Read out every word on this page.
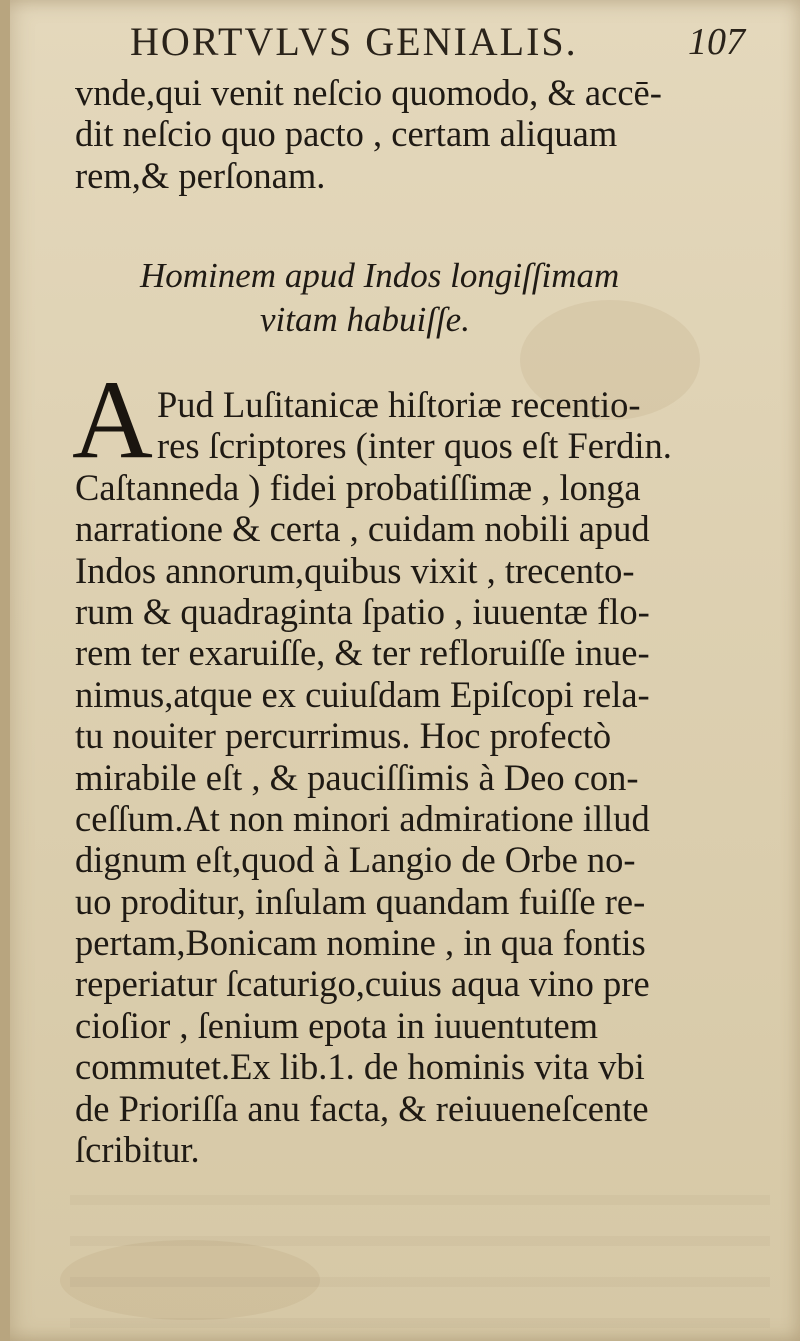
HORTVLVS GENIALIS.	107
vnde,qui venit neſcio quomodo, & accē-
dit neſcio quo pacto , certam aliquam
rem,& perſonam.
Hominem apud Indos longiſſimam
vitam habuiſſe.
A Pud Luſitanicæ hiſtoriæ recentio-
res ſcriptores (inter quos eſt Ferdin.
Caſtanneda ) fidei probatiſſimæ , longa
narratione & certa , cuidam nobili apud
Indos annorum,quibus vixit , trecento-
rum & quadraginta ſpatio , iuuentæ flo-
rem ter exaruiſſe, & ter refloruiſſe inue-
nimus,atque ex cuiuſdam Epiſcopi rela-
tu nouiter percurrimus. Hoc profectò
mirabile eſt , & pauciſſimis à Deo con-
ceſſum.At non minori admiratione illud
dignum eſt,quod à Langio de Orbe no-
uo proditur, inſulam quandam fuiſſe re-
pertam,Bonicam nomine , in qua fontis
reperiatur ſcaturigo,cuius aqua vino pre
cioſior , ſenium epota in iuuentutem
commutet.Ex lib.1. de hominis vita vbi
de Prioriſſa anu facta, & reiuueneſcente
ſcribitur.
